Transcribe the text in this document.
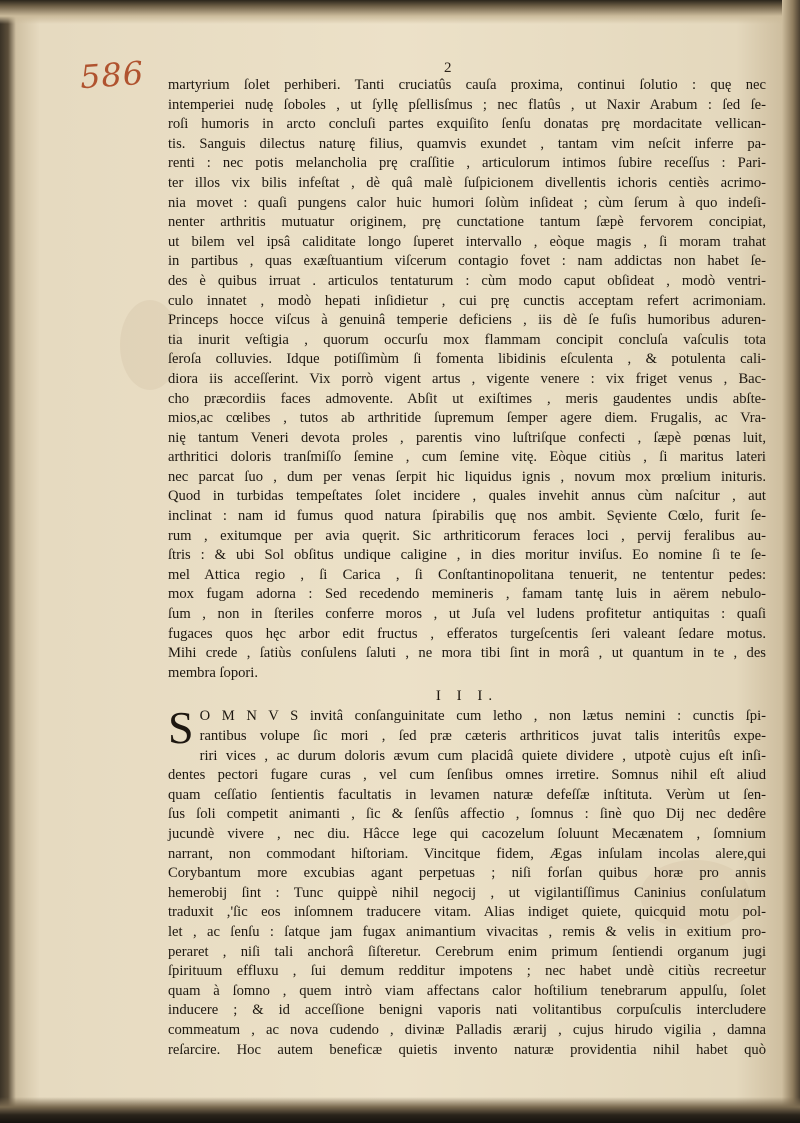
586	2
martyrium ſolet perhiberi. Tanti cruciatûs cauſa proxima, continui ſolutio : quę nec
intemperiei nudę ſoboles , ut ſyllę pſellisſmus ; nec flatûs , ut Naxir Arabum : ſed ſe-
roſi humoris in arcto concluſi partes exquiſito ſenſu donatas prę mordacitate vellican-
tis. Sanguis dilectus naturę filius, quamvis exundet , tantam vim neſcit inferre pa-
renti : nec potis melancholia prę craſſitie , articulorum intimos ſubire receſſus : Pari-
ter illos vix bilis infeſtat , dè quâ malè ſuſpicionem divellentis ichoris centiès acrimo-
nia movet : quaſi pungens calor huic humori ſolùm inſideat ; cùm ſerum à quo indeſi-
nenter arthritis mutuatur originem, prę cunctatione tantum ſæpè fervorem concipiat,
ut bilem vel ipsâ caliditate longo ſuperet intervallo , eòque magis , ſi moram trahat
in partibus , quas exæſtuantium viſcerum contagio fovet : nam addictas non habet ſe-
des è quibus irruat . articulos tentaturum : cùm modo caput obſideat , modò ventri-
culo innatet , modò hepati inſidietur , cui prę cunctis acceptam refert acrimoniam.
Princeps hocce viſcus à genuinâ temperie deficiens , iis dè ſe fuſis humoribus aduren-
tia inurit veſtigia , quorum occurſu mox flammam concipit concluſa vaſculis tota
ſeroſa colluvies. Idque potiſſimùm ſi fomenta libidinis eſculenta , & potulenta cali-
diora iis acceſſerint. Vix porrò vigent artus , vigente venere : vix friget venus , Bac-
cho præcordiis faces admovente. Abſit ut exiſtimes , meris gaudentes undis abſte-
mios,ac cœlibes , tutos ab arthritide ſupremum ſemper agere diem. Frugalis, ac Vra-
nię tantum Veneri devota proles , parentis vino luſtriſque confecti , ſæpè pœnas luit,
arthritici doloris tranſmiſſo ſemine , cum ſemine vitę. Eòque citiùs , ſi maritus lateri
nec parcat ſuo , dum per venas ſerpit hic liquidus ignis , novum mox prœlium inituris.
Quod in turbidas tempeſtates ſolet incidere , quales invehit annus cùm naſcitur , aut
inclinat : nam id fumus quod natura ſpirabilis quę nos ambit. Sęviente Cœlo, furit ſe-
rum , exitumque per avia quęrit. Sic arthriticorum feraces loci , pervij feralibus au-
ſtris : & ubi Sol obſitus undique caligine , in dies moritur inviſus. Eo nomine ſi te ſe-
mel Attica regio , ſi Carica , ſi Conſtantinopolitana tenuerit, ne tententur pedes:
mox fugam adorna : Sed recedendo memineris , famam tantę luis in aërem nebulo-
ſum , non in ſteriles conferre moros , ut Juſa vel ludens profitetur antiquitas : quaſi
fugaces quos hęc arbor edit fructus , efferatos turgeſcentis ſeri valeant ſedare motus.
Mihi crede , ſatiùs conſulens ſaluti , ne mora tibi ſint in morâ , ut quantum in te , des
membra ſopori.
I I I.
S O M N V S invitâ conſanguinitate cum letho , non lætus nemini : cunctis ſpi-
rantibus volupe ſic mori , ſed præ cæteris arthriticos juvat talis interitûs expe-
riri vices , ac durum doloris ævum cum placidâ quiete dividere , utpotè cujus eſt inſi-
dentes pectori fugare curas , vel cum ſenſibus omnes irretire. Somnus nihil eſt aliud
quam ceſſatio ſentientis facultatis in levamen naturæ defeſſæ inſtituta. Verùm ut ſen-
ſus ſoli competit animanti , ſic & ſenſûs affectio , ſomnus : ſinè quo Dij nec dedêre
jucundè vivere , nec diu. Hâcce lege qui cacozelum ſoluunt Mecænatem , ſomnium
narrant, non commodant hiſtoriam. Vincitque fidem, Ægas inſulam incolas alere,qui
Corybantum more excubias agant perpetuas ; niſi forſan quibus horæ pro annis
hemerobij ſint : Tunc quippè nihil negocij , ut vigilantiſſimus Caninius conſulatum
traduxit ,'ſic eos inſomnem traducere vitam. Alias indiget quiete, quicquid motu pol-
let , ac ſenſu : ſatque jam fugax animantium vivacitas , remis & velis in exitium pro-
peraret , niſi tali anchorâ ſiſteretur. Cerebrum enim primum ſentiendi organum jugi
ſpirituum effluxu , ſui demum redditur impotens ; nec habet undè citiùs recreetur
quam à ſomno , quem intrò viam affectans calor hoſtilium tenebrarum appulſu, ſolet
inducere ; & id acceſſione benigni vaporis nati volitantibus corpuſculis intercludere
commeatum , ac nova cudendo , divinæ Palladis ærarij , cujus hirudo vigilia , damna
reſarcire. Hoc autem beneficæ quietis invento naturæ providentia nihil habet quò
